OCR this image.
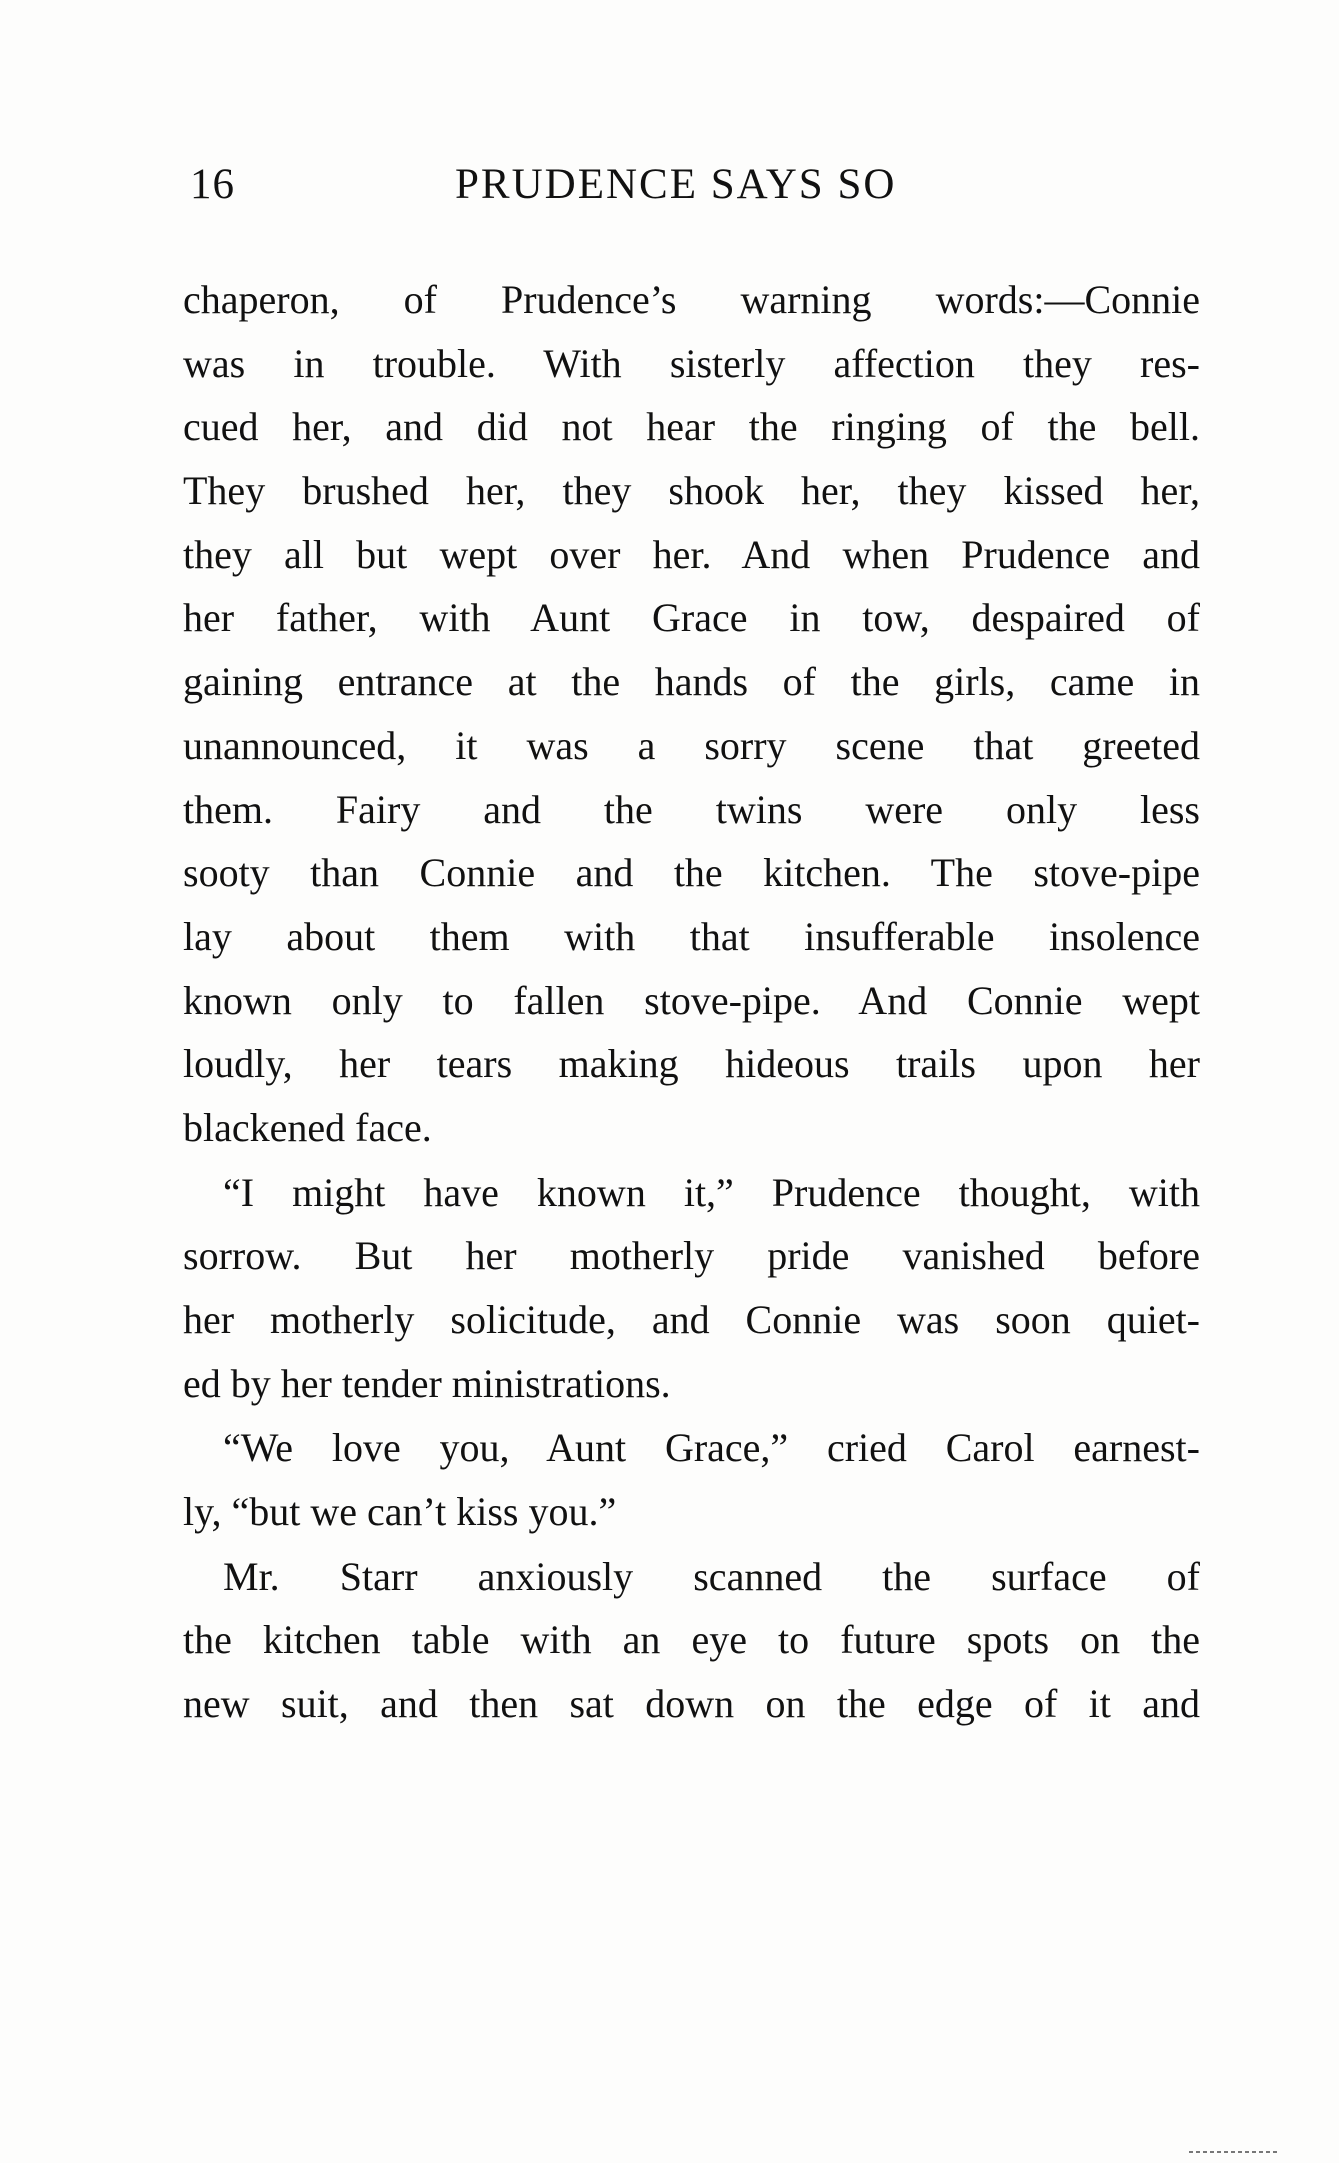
16	PRUDENCE SAYS SO
chaperon, of Prudence’s warning words:—Connie
was in trouble. With sisterly affection they res-
cued her, and did not hear the ringing of the bell.
They brushed her, they shook her, they kissed her,
they all but wept over her. And when Prudence and
her father, with Aunt Grace in tow, despaired of
gaining entrance at the hands of the girls, came in
unannounced, it was a sorry scene that greeted
them. Fairy and the twins were only less
sooty than Connie and the kitchen. The stove-pipe
lay about them with that insufferable insolence
known only to fallen stove-pipe. And Connie wept
loudly, her tears making hideous trails upon her
blackened face.
“I might have known it,” Prudence thought, with
sorrow. But her motherly pride vanished before
her motherly solicitude, and Connie was soon quiet-
ed by her tender ministrations.
“We love you, Aunt Grace,” cried Carol earnest-
ly, “but we can’t kiss you.”
Mr. Starr anxiously scanned the surface of
the kitchen table with an eye to future spots on the
new suit, and then sat down on the edge of it and
